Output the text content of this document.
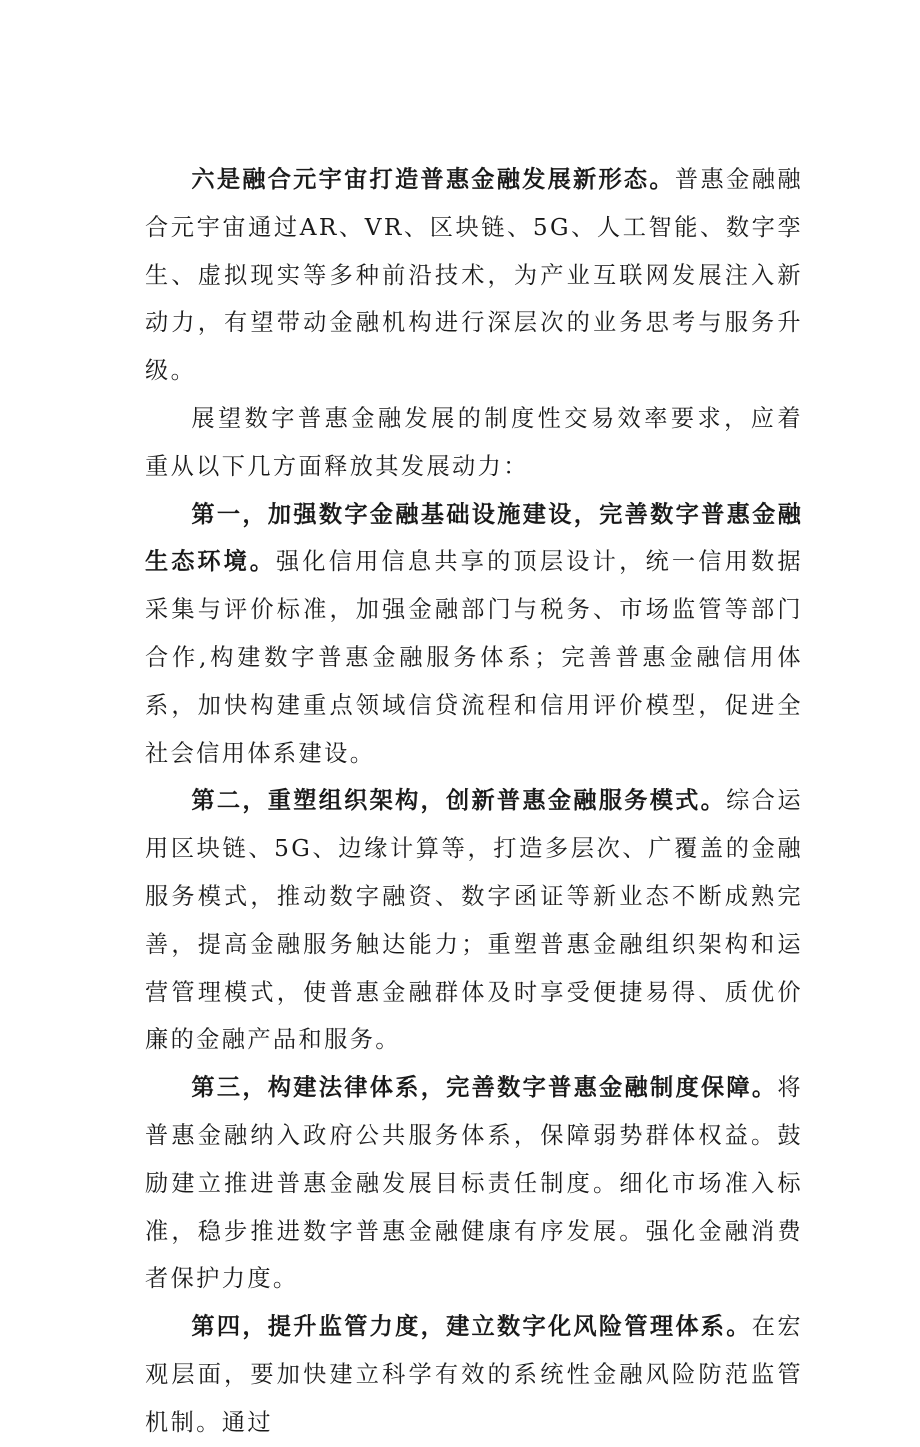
六是融合元宇宙打造普惠金融发展新形态。普惠金融融合元宇宙通过AR、VR、区块链、5G、人工智能、数字孪生、虚拟现实等多种前沿技术，为产业互联网发展注入新动力，有望带动金融机构进行深层次的业务思考与服务升级。

展望数字普惠金融发展的制度性交易效率要求，应着重从以下几方面释放其发展动力：

第一，加强数字金融基础设施建设，完善数字普惠金融生态环境。强化信用信息共享的顶层设计，统一信用数据采集与评价标准，加强金融部门与税务、市场监管等部门合作,构建数字普惠金融服务体系；完善普惠金融信用体系，加快构建重点领域信贷流程和信用评价模型，促进全社会信用体系建设。

第二，重塑组织架构，创新普惠金融服务模式。综合运用区块链、5G、边缘计算等，打造多层次、广覆盖的金融服务模式，推动数字融资、数字函证等新业态不断成熟完善，提高金融服务触达能力；重塑普惠金融组织架构和运营管理模式，使普惠金融群体及时享受便捷易得、质优价廉的金融产品和服务。

第三，构建法律体系，完善数字普惠金融制度保障。将普惠金融纳入政府公共服务体系，保障弱势群体权益。鼓励建立推进普惠金融发展目标责任制度。细化市场准入标准，稳步推进数字普惠金融健康有序发展。强化金融消费者保护力度。

第四，提升监管力度，建立数字化风险管理体系。在宏观层面，要加快建立科学有效的系统性金融风险防范监管机制。通过
